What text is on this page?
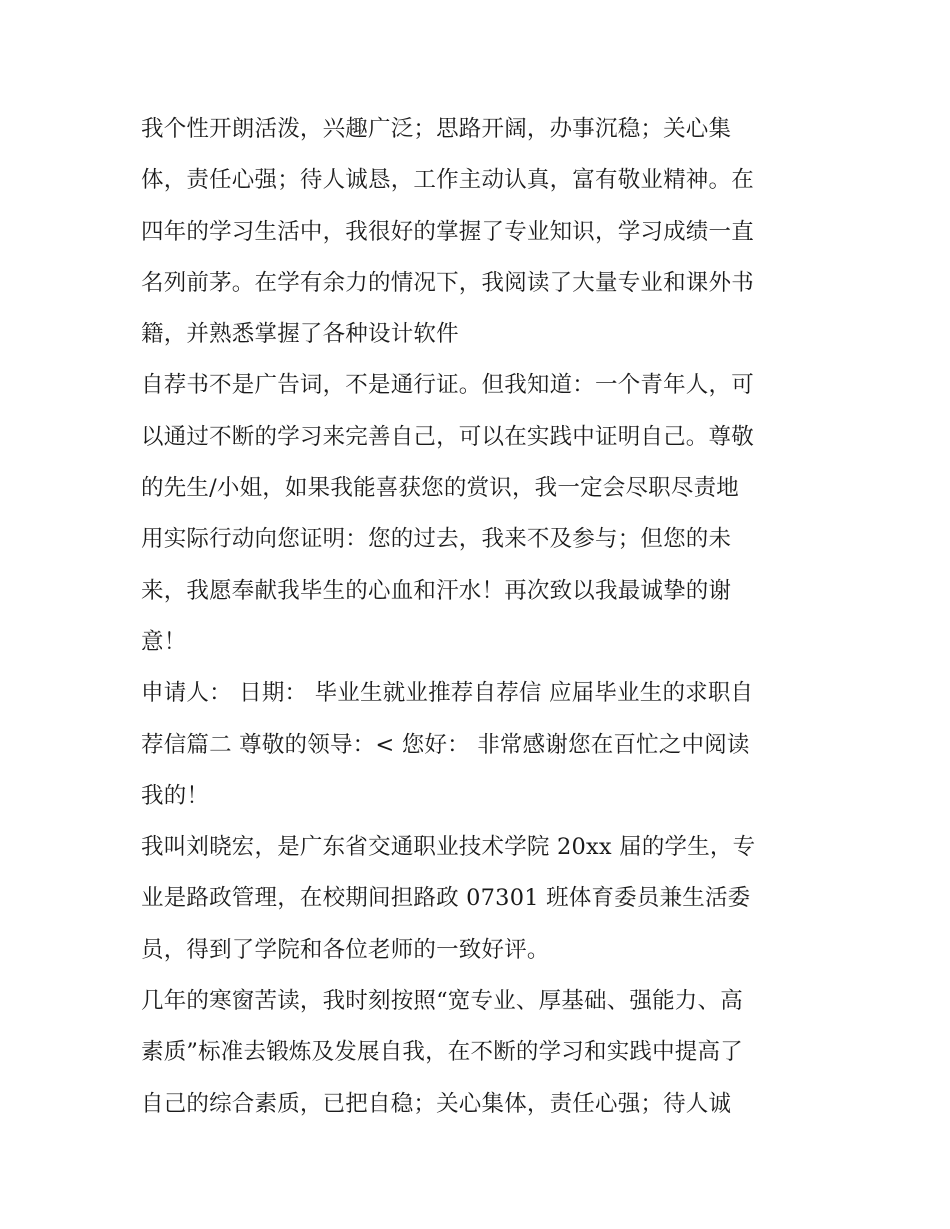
我个性开朗活泼，兴趣广泛；思路开阔，办事沉稳；关心集
体，责任心强；待人诚恳，工作主动认真，富有敬业精神。在
四年的学习生活中，我很好的掌握了专业知识，学习成绩一直
名列前茅。在学有余力的情况下，我阅读了大量专业和课外书
籍，并熟悉掌握了各种设计软件

自荐书不是广告词，不是通行证。但我知道：一个青年人，可
以通过不断的学习来完善自己，可以在实践中证明自己。尊敬
的先生/小姐，如果我能喜获您的赏识，我一定会尽职尽责地
用实际行动向您证明：您的过去，我来不及参与；但您的未
来，我愿奉献我毕生的心血和汗水！再次致以我最诚挚的谢
意！

申请人： 日期： 毕业生就业推荐自荐信 应届毕业生的求职自
荐信篇二 尊敬的领导：< 您好： 非常感谢您在百忙之中阅读
我的！

我叫刘晓宏，是广东省交通职业技术学院 20xx 届的学生，专
业是路政管理，在校期间担路政 07301 班体育委员兼生活委
员，得到了学院和各位老师的一致好评。

几年的寒窗苦读，我时刻按照“宽专业、厚基础、强能力、高
素质”标准去锻炼及发展自我，在不断的学习和实践中提高了
自己的综合素质，已把自稳；关心集体，责任心强；待人诚
